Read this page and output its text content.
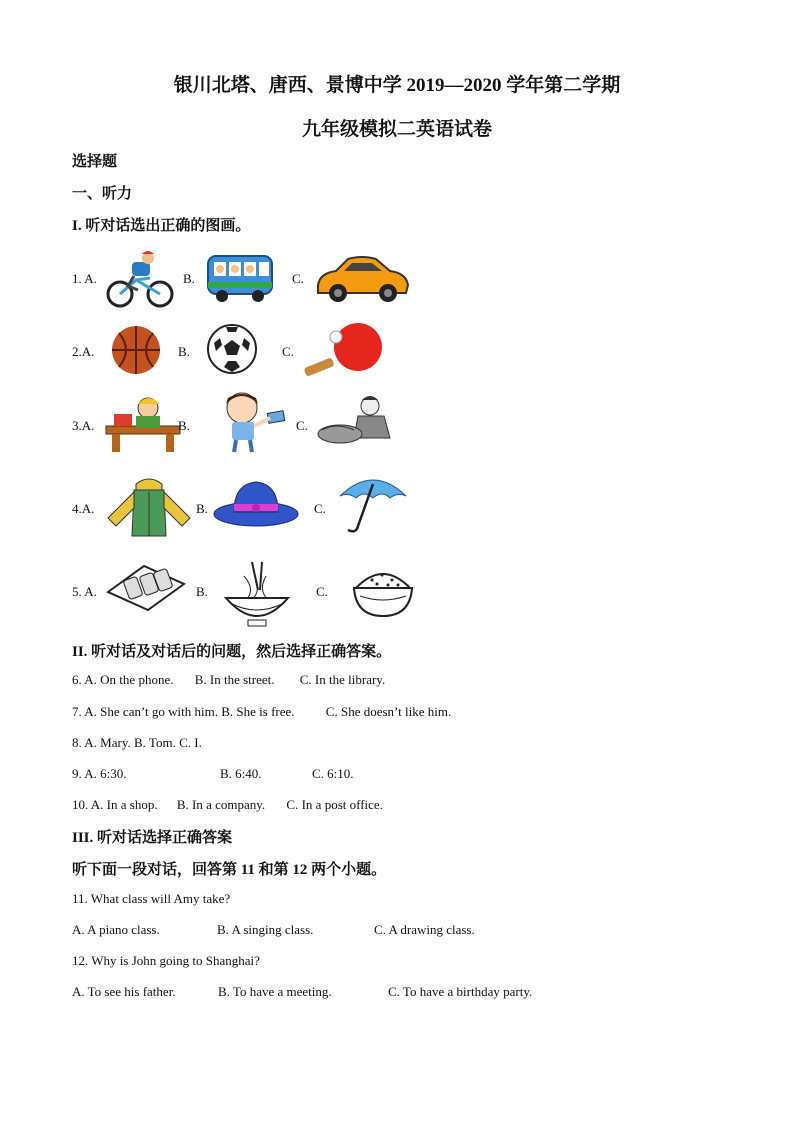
银川北塔、唐西、景博中学 2019—2020 学年第二学期
九年级模拟二英语试卷
选择题
一、听力
I. 听对话选出正确的图画。
1. A.	B.	C.
2.A.	B.	C.
3.A.	B.	C.
4.A.	B.	C.
5. A.	B.	C.
II. 听对话及对话后的问题，然后选择正确答案。
6. A. On the phone. B. In the street. C. In the library.
7. A. She can’t go with him. B. She is free. C. She doesn’t like him.
8. A. Mary. B. Tom. C. I.
9. A. 6:30.	B. 6:40.	C. 6:10.
10. A. In a shop. B. In a company. C. In a post office.
III. 听对话选择正确答案
听下面一段对话，回答第 11 和第 12 两个小题。
11. What class will Amy take?
A. A piano class.	B. A singing class.	C. A drawing class.
12. Why is John going to Shanghai?
A. To see his father.	B. To have a meeting.	C. To have a birthday party.
